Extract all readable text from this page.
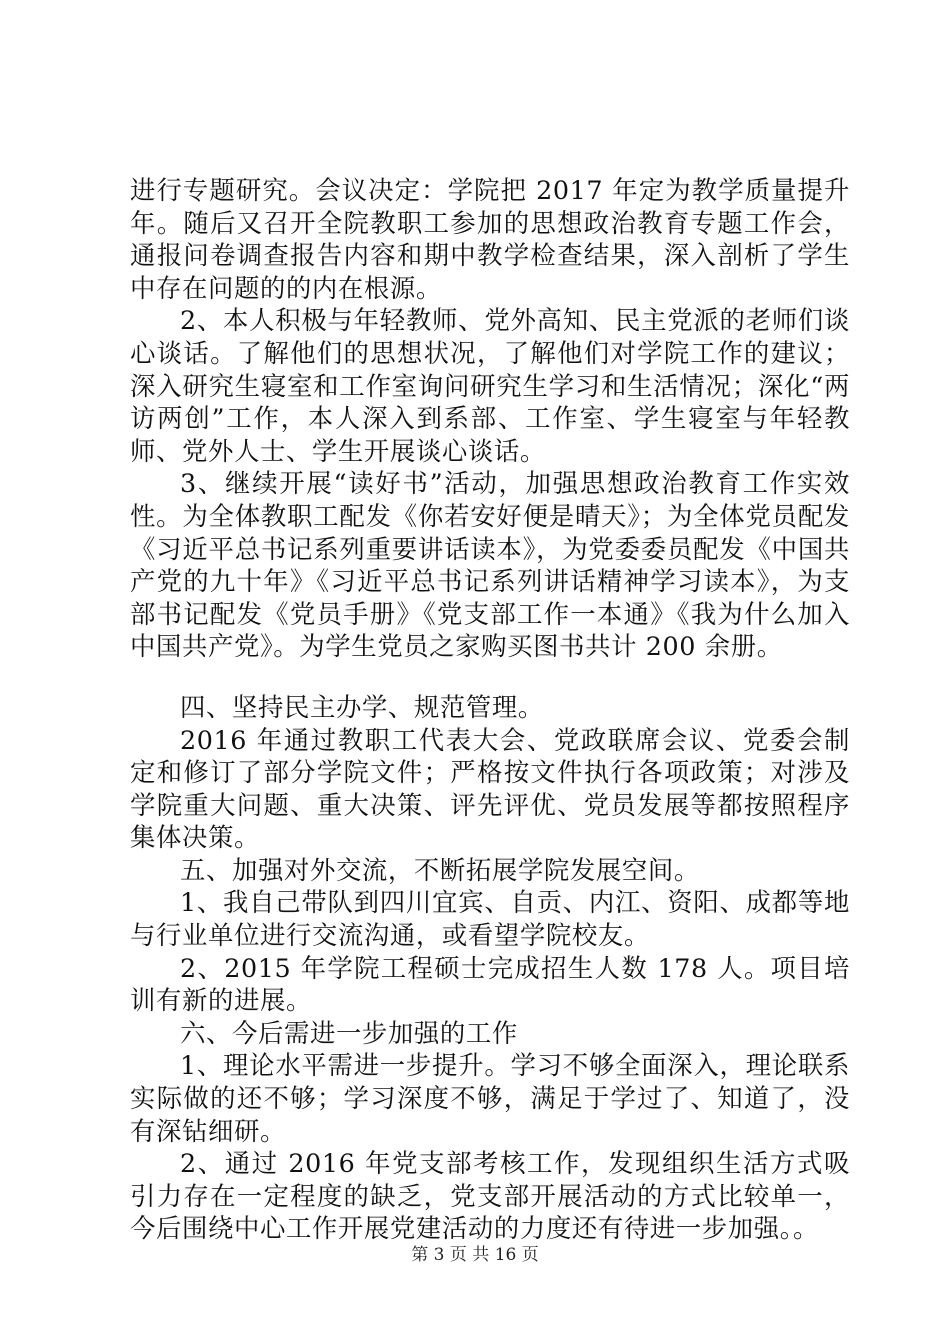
进行专题研究。会议决定：学院把 2017 年定为教学质量提升年。随后又召开全院教职工参加的思想政治教育专题工作会，通报问卷调查报告内容和期中教学检查结果，深入剖析了学生中存在问题的的内在根源。

2、本人积极与年轻教师、党外高知、民主党派的老师们谈心谈话。了解他们的思想状况，了解他们对学院工作的建议；深入研究生寝室和工作室询问研究生学习和生活情况；深化“两访两创”工作，本人深入到系部、工作室、学生寝室与年轻教师、党外人士、学生开展谈心谈话。

3、继续开展“读好书”活动，加强思想政治教育工作实效性。为全体教职工配发《你若安好便是晴天》；为全体党员配发《习近平总书记系列重要讲话读本》，为党委委员配发《中国共产党的九十年》《习近平总书记系列讲话精神学习读本》，为支部书记配发《党员手册》《党支部工作一本通》《我为什么加入中国共产党》。为学生党员之家购买图书共计 200 余册。

四、坚持民主办学、规范管理。

2016 年通过教职工代表大会、党政联席会议、党委会制定和修订了部分学院文件；严格按文件执行各项政策；对涉及学院重大问题、重大决策、评先评优、党员发展等都按照程序集体决策。

五、加强对外交流，不断拓展学院发展空间。

1、我自己带队到四川宜宾、自贡、内江、资阳、成都等地与行业单位进行交流沟通，或看望学院校友。

2、2015 年学院工程硕士完成招生人数 178 人。项目培训有新的进展。

六、今后需进一步加强的工作

1、理论水平需进一步提升。学习不够全面深入，理论联系实际做的还不够；学习深度不够，满足于学过了、知道了，没有深钻细研。

2、通过 2016 年党支部考核工作，发现组织生活方式吸引力存在一定程度的缺乏，党支部开展活动的方式比较单一，今后围绕中心工作开展党建活动的力度还有待进一步加强。。

第 3 页 共 16 页
